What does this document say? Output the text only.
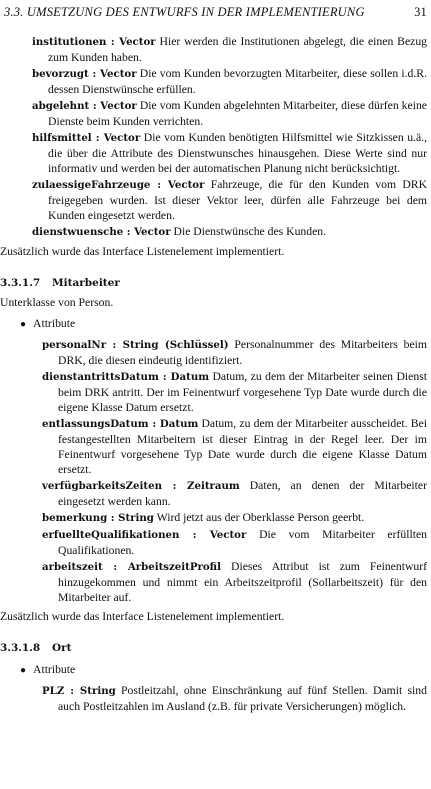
3.3. UMSETZUNG DES ENTWURFS IN DER IMPLEMENTIERUNG	31

institutionen : Vector Hier werden die Institutionen abgelegt, die einen Bezug zum Kunden haben.

bevorzugt : Vector Die vom Kunden bevorzugten Mitarbeiter, diese sollen i.d.R. dessen Dienstwünsche erfüllen.

abgelehnt : Vector Die vom Kunden abgelehnten Mitarbeiter, diese dürfen keine Dienste beim Kunden verrichten.

hilfsmittel : Vector Die vom Kunden benötigten Hilfsmittel wie Sitzkissen u.ä., die über die Attribute des Dienstwunsches hinausgehen. Diese Werte sind nur informativ und werden bei der automatischen Planung nicht berücksichtigt.

zulaessigeFahrzeuge : Vector Fahrzeuge, die für den Kunden vom DRK freigegeben wurden. Ist dieser Vektor leer, dürfen alle Fahrzeuge bei dem Kunden eingesetzt werden.

dienstwuensche : Vector Die Dienstwünsche des Kunden.

Zusätzlich wurde das Interface Listenelement implementiert.

3.3.1.7 Mitarbeiter

Unterklasse von Person.

● Attribute

personalNr : String (Schlüssel) Personalnummer des Mitarbeiters beim DRK, die diesen eindeutig identifiziert.

dienstantrittsDatum : Datum Datum, zu dem der Mitarbeiter seinen Dienst beim DRK antritt. Der im Feinentwurf vorgesehene Typ Date wurde durch die eigene Klasse Datum ersetzt.

entlassungsDatum : Datum Datum, zu dem der Mitarbeiter ausscheidet. Bei festangestellten Mitarbeitern ist dieser Eintrag in der Regel leer. Der im Feinentwurf vorgesehene Typ Date wurde durch die eigene Klasse Datum ersetzt.

verfügbarkeitsZeiten : Zeitraum Daten, an denen der Mitarbeiter eingesetzt werden kann.

bemerkung : String Wird jetzt aus der Oberklasse Person geerbt.

erfuellteQualifikationen : Vector Die vom Mitarbeiter erfüllten Qualifikationen.

arbeitszeit : ArbeitszeitProfil Dieses Attribut ist zum Feinentwurf hinzugekommen und nimmt ein Arbeitszeitprofil (Sollarbeitszeit) für den Mitarbeiter auf.

Zusätzlich wurde das Interface Listenelement implementiert.

3.3.1.8 Ort
● Attribute

PLZ : String Postleitzahl, ohne Einschränkung auf fünf Stellen. Damit sind auch Postleitzahlen im Ausland (z.B. für private Versicherungen) möglich.
